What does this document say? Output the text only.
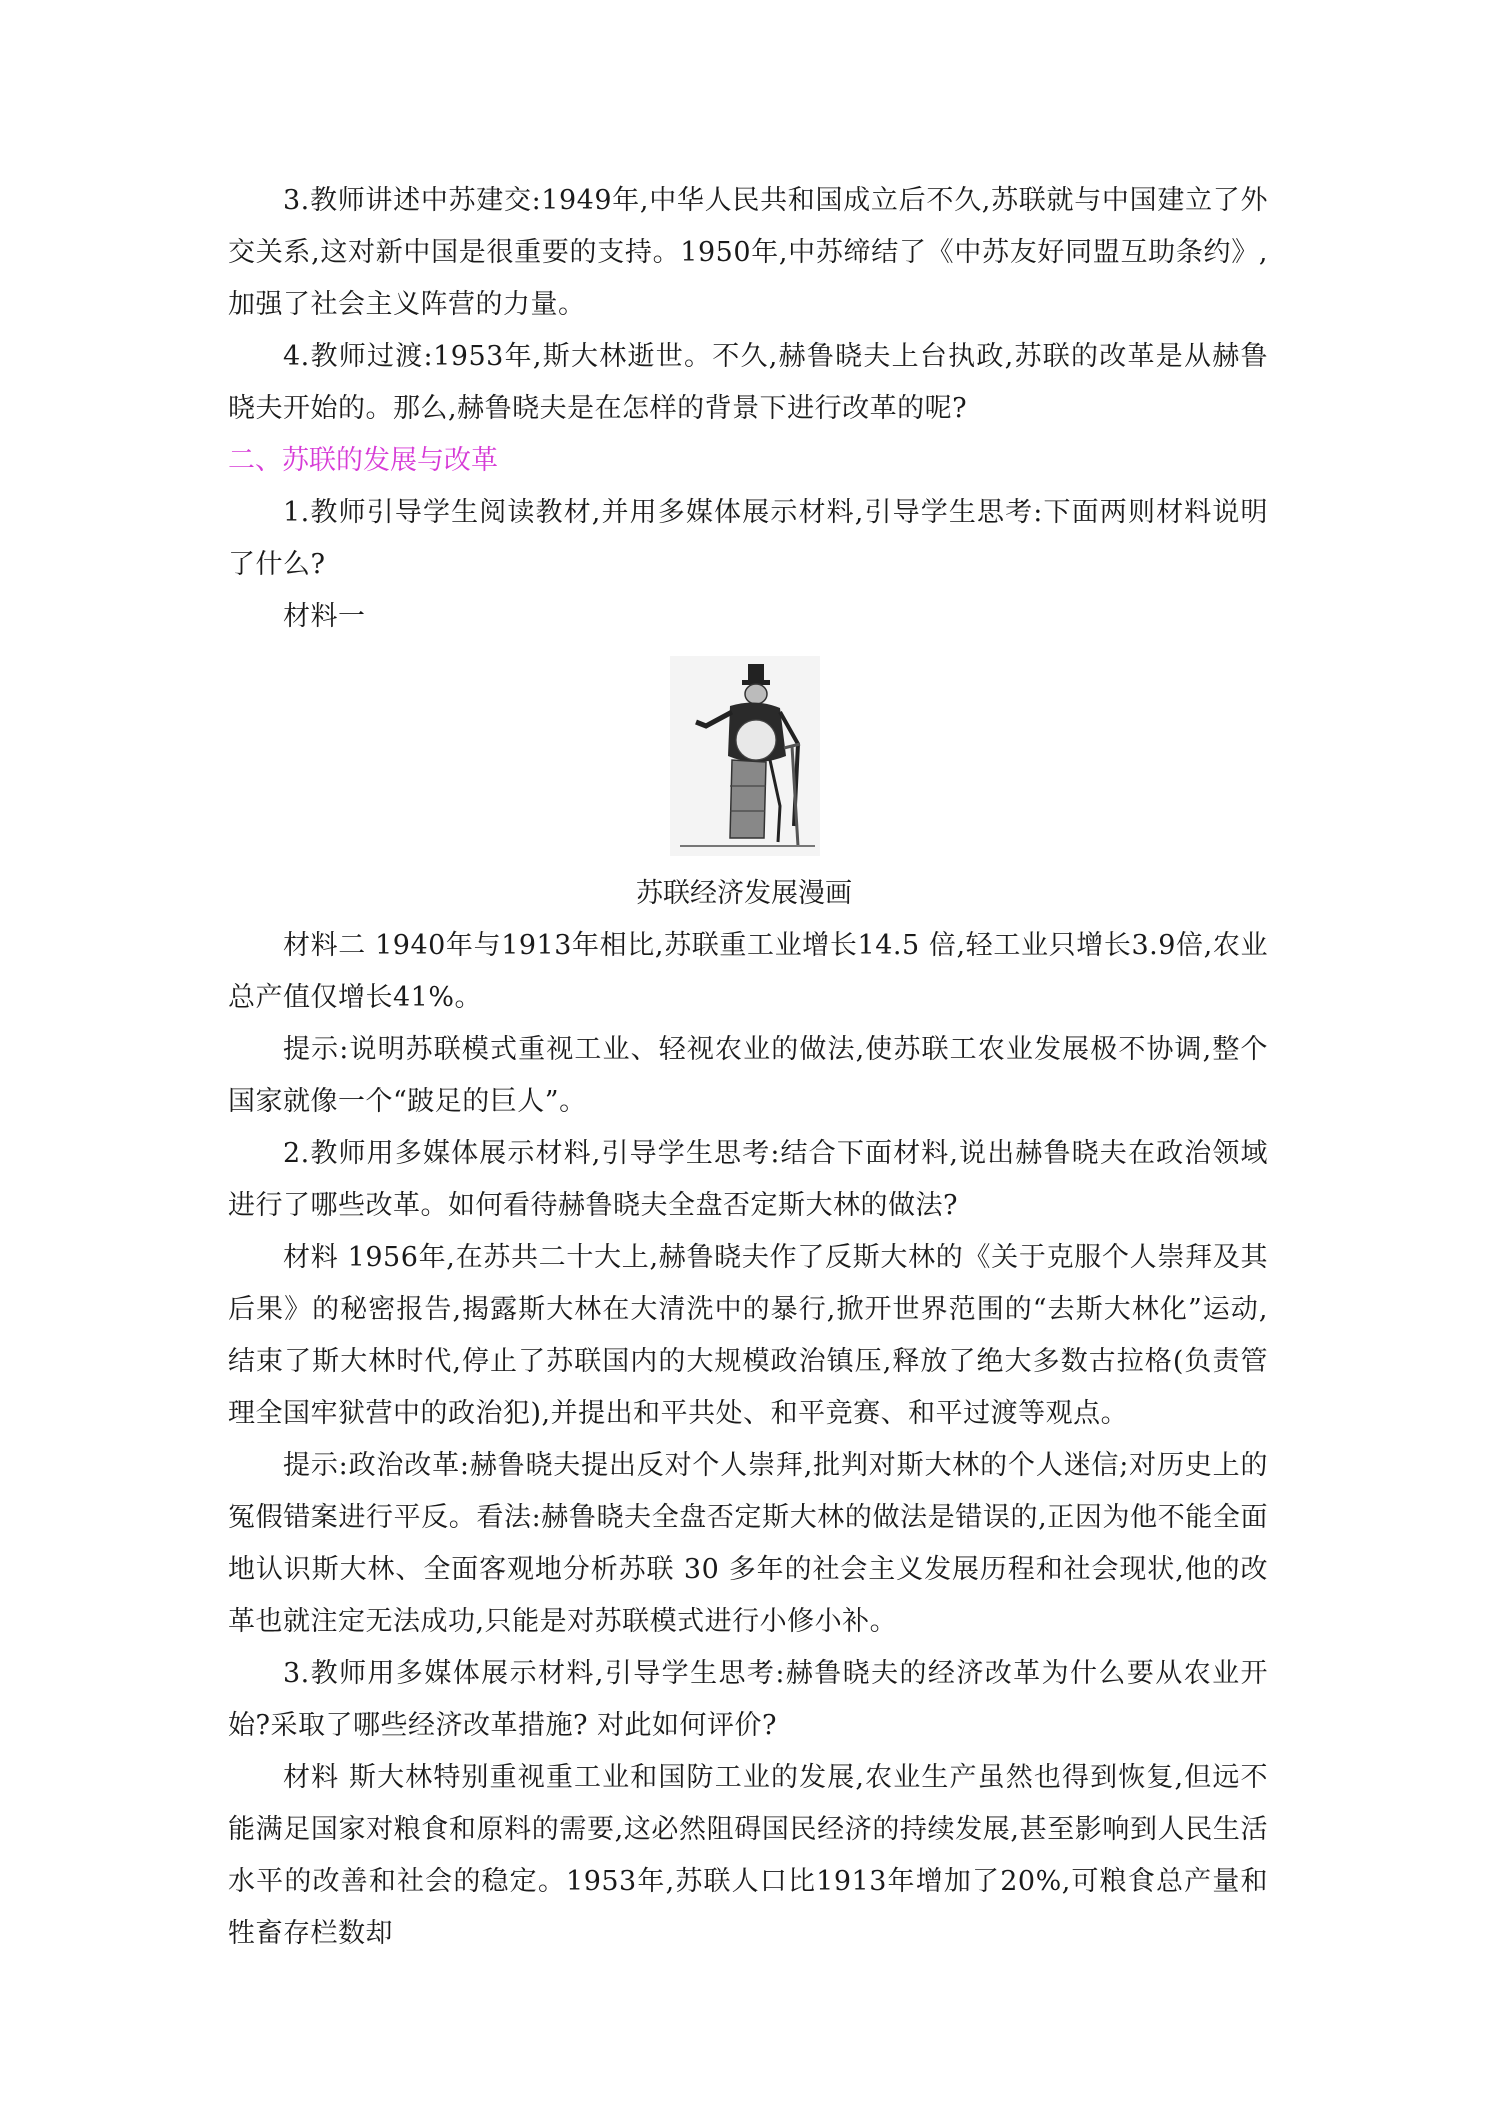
3.教师讲述中苏建交:1949年,中华人民共和国成立后不久,苏联就与中国建立了外交关系,这对新中国是很重要的支持。1950年,中苏缔结了《中苏友好同盟互助条约》,加强了社会主义阵营的力量。

4.教师过渡:1953年,斯大林逝世。不久,赫鲁晓夫上台执政,苏联的改革是从赫鲁晓夫开始的。那么,赫鲁晓夫是在怎样的背景下进行改革的呢?

二、苏联的发展与改革

1.教师引导学生阅读教材,并用多媒体展示材料,引导学生思考:下面两则材料说明了什么?

材料一

苏联经济发展漫画

材料二 1940年与1913年相比,苏联重工业增长14.5 倍,轻工业只增长3.9倍,农业总产值仅增长41%。

提示:说明苏联模式重视工业、轻视农业的做法,使苏联工农业发展极不协调,整个国家就像一个“跛足的巨人”。

2.教师用多媒体展示材料,引导学生思考:结合下面材料,说出赫鲁晓夫在政治领域进行了哪些改革。如何看待赫鲁晓夫全盘否定斯大林的做法?

材料 1956年,在苏共二十大上,赫鲁晓夫作了反斯大林的《关于克服个人崇拜及其后果》的秘密报告,揭露斯大林在大清洗中的暴行,掀开世界范围的“去斯大林化”运动,结束了斯大林时代,停止了苏联国内的大规模政治镇压,释放了绝大多数古拉格(负责管理全国牢狱营中的政治犯),并提出和平共处、和平竞赛、和平过渡等观点。

提示:政治改革:赫鲁晓夫提出反对个人崇拜,批判对斯大林的个人迷信;对历史上的冤假错案进行平反。看法:赫鲁晓夫全盘否定斯大林的做法是错误的,正因为他不能全面地认识斯大林、全面客观地分析苏联 30 多年的社会主义发展历程和社会现状,他的改革也就注定无法成功,只能是对苏联模式进行小修小补。

3.教师用多媒体展示材料,引导学生思考:赫鲁晓夫的经济改革为什么要从农业开始?采取了哪些经济改革措施? 对此如何评价?

材料 斯大林特别重视重工业和国防工业的发展,农业生产虽然也得到恢复,但远不能满足国家对粮食和原料的需要,这必然阻碍国民经济的持续发展,甚至影响到人民生活水平的改善和社会的稳定。1953年,苏联人口比1913年增加了20%,可粮食总产量和牲畜存栏数却
